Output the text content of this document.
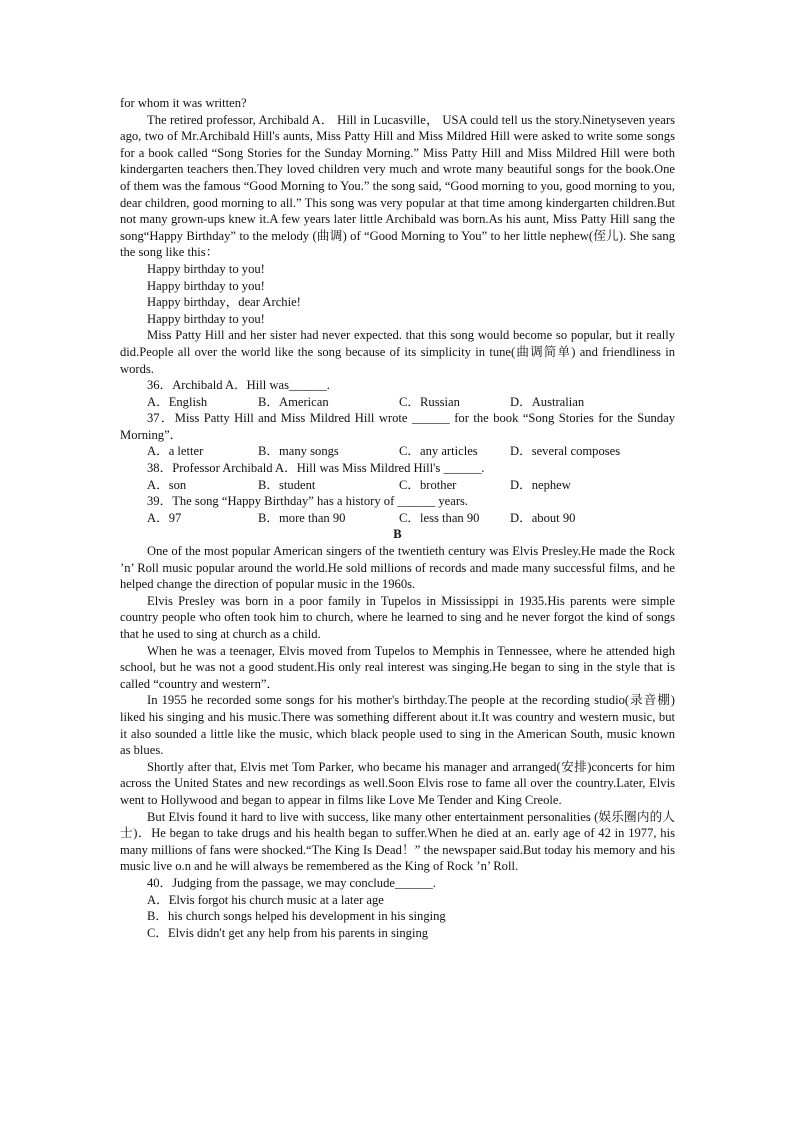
for whom it was written?

The retired professor, Archibald A． Hill in Lucasville， USA could tell us the story.Ninetyseven years ago, two of Mr.Archibald Hill's aunts, Miss Patty Hill and Miss Mildred Hill were asked to write some songs for a book called “Song Stories for the Sunday Morning.” Miss Patty Hill and Miss Mildred Hill were both kindergarten teachers then.They loved children very much and wrote many beautiful songs for the book.One of them was the famous “Good Morning to You.” the song said, “Good morning to you, good morning to you, dear children, good morning to all.” This song was very popular at that time among kindergarten children.But not many grown-ups knew it.A few years later little Archibald was born.As his aunt, Miss Patty Hill sang the song“Happy Birthday” to the melody (曲调) of “Good Morning to You” to her little nephew(侄儿). She sang the song like this：

Happy birthday to you!

Happy birthday to you!

Happy birthday，dear Archie!

Happy birthday to you!

Miss Patty Hill and her sister had never expected. that this song would become so popular, but it really did.People all over the world like the song because of its simplicity in tune(曲调简单) and friendliness in words.

36．Archibald A．Hill was______.

A．English	B．American	C．Russian	D．Australian

37．Miss Patty Hill and Miss Mildred Hill wrote ______ for the book “Song Stories for the Sunday Morning”．

A．a letter	B．many songs	C．any articles	D．several composes

38．Professor Archibald A．Hill was Miss Mildred Hill's ______.

A．son	B．student	C．brother	D．nephew

39．The song “Happy Birthday” has a history of ______ years.

A．97	B．more than 90	C．less than 90	D．about 90

B

One of the most popular American singers of the twentieth century was Elvis Presley.He made the Rock ’n’ Roll music popular around the world.He sold millions of records and made many successful films, and he helped change the direction of popular music in the 1960s.

Elvis Presley was born in a poor family in Tupelos in Mississippi in 1935.His parents were simple country people who often took him to church, where he learned to sing and he never forgot the kind of songs that he used to sing at church as a child.

When he was a teenager, Elvis moved from Tupelos to Memphis in Tennessee, where he attended high school, but he was not a good student.His only real interest was singing.He began to sing in the style that is called “country and western”．

In 1955 he recorded some songs for his mother's birthday.The people at the recording studio(录音棚) liked his singing and his music.There was something different about it.It was country and western music, but it also sounded a little like the music, which black people used to sing in the American South, music known as blues.

Shortly after that, Elvis met Tom Parker, who became his manager and arranged(安排)concerts for him across the United States and new recordings as well.Soon Elvis rose to fame all over the country.Later, Elvis went to Hollywood and began to appear in films like Love Me Tender and King Creole.

But Elvis found it hard to live with success, like many other entertainment personalities (娱乐圈内的人士)．He began to take drugs and his health began to suffer.When he died at an. early age of 42 in 1977, his many millions of fans were shocked.“The King Is Dead！” the newspaper said.But today his memory and his music live o.n and he will always be remembered as the King of Rock ’n’ Roll.

40．Judging from the passage, we may conclude______.

A．Elvis forgot his church music at a later age

B．his church songs helped his development in his singing

C．Elvis didn't get any help from his parents in singing
